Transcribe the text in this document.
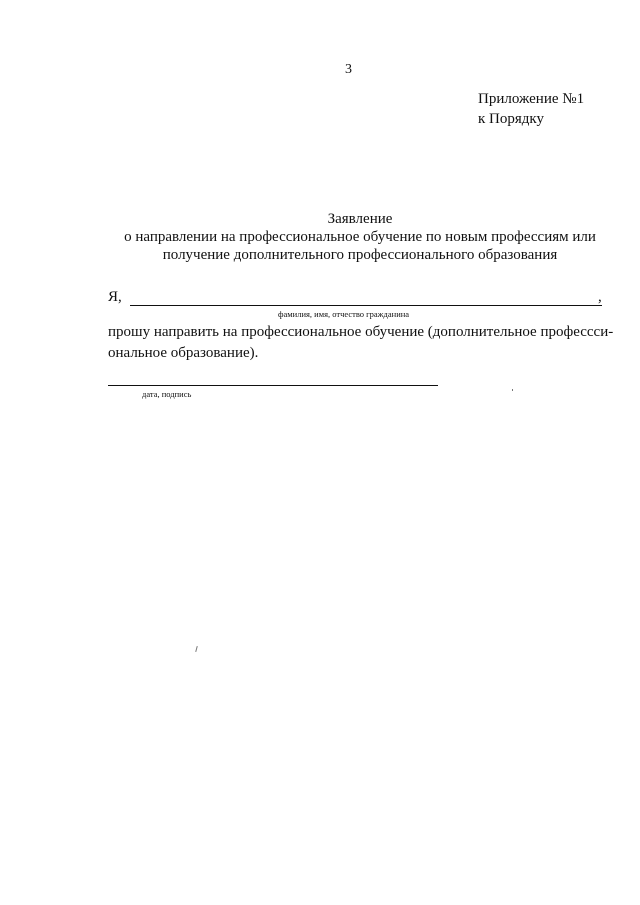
3
Приложение №1
к Порядку
Заявление
о направлении на профессиональное обучение по новым профессиям или
получение дополнительного профессионального образования
Я,	,
фамилия, имя, отчество гражданина
прошу направить на профессиональное обучение (дополнительное профессси-
ональное образование).
дата, подпись
